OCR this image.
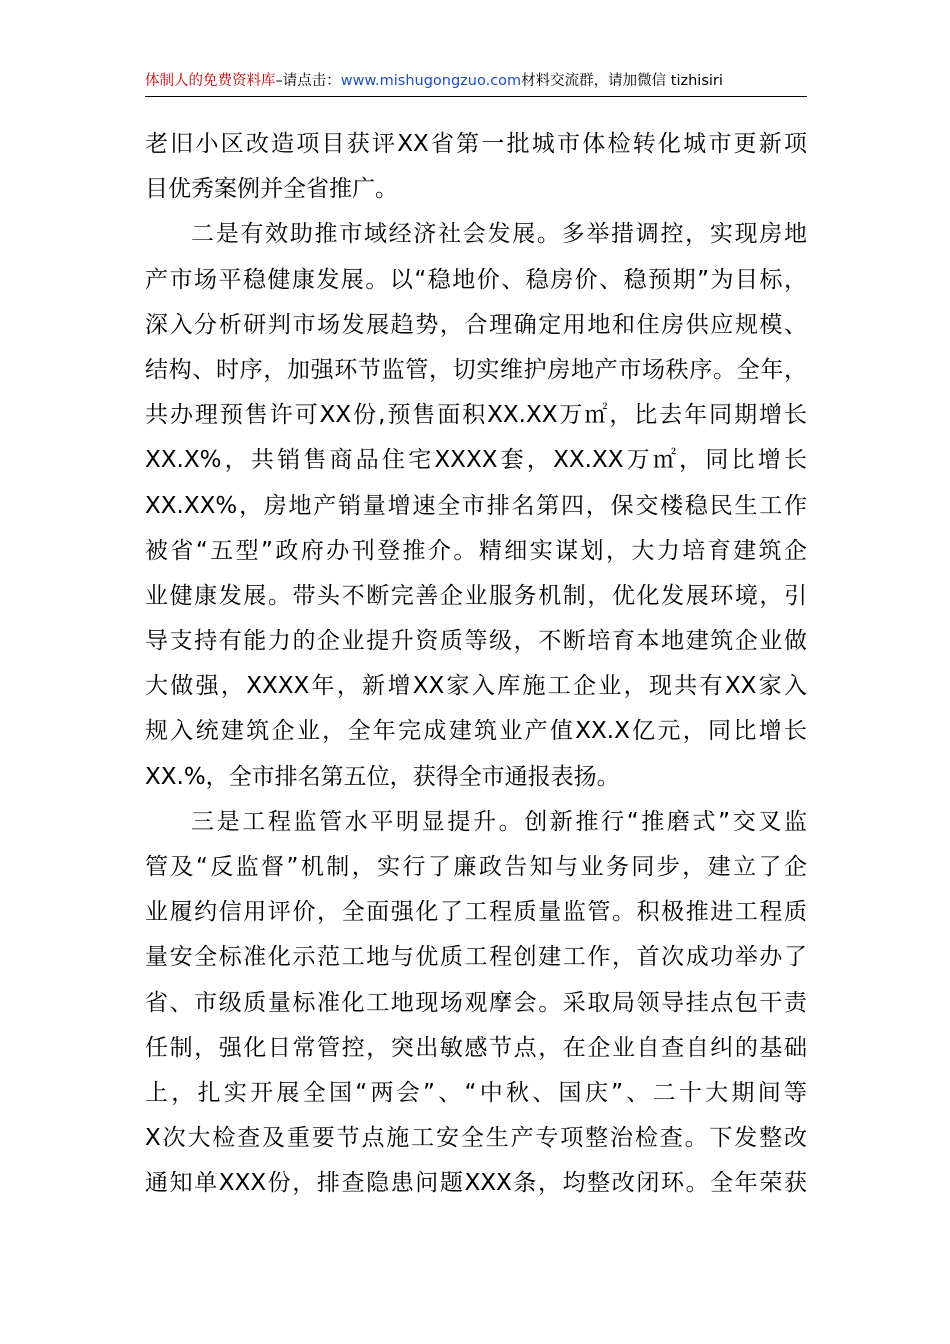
体制人的免费资料库–请点击：www.mishugongzuo.com材料交流群，请加微信 tizhisiri
老旧小区改造项目获评XX省第一批城市体检转化城市更新项
目优秀案例并全省推广。
二是有效助推市域经济社会发展。多举措调控，实现房地
产市场平稳健康发展。以“稳地价、稳房价、稳预期”为目标，
深入分析研判市场发展趋势，合理确定用地和住房供应规模、
结构、时序，加强环节监管，切实维护房地产市场秩序。全年，
共办理预售许可XX份,预售面积XX.XX万㎡，比去年同期增长
XX.X%，共销售商品住宅XXXX套，XX.XX万㎡，同比增长
XX.XX%，房地产销量增速全市排名第四，保交楼稳民生工作
被省“五型”政府办刊登推介。精细实谋划，大力培育建筑企
业健康发展。带头不断完善企业服务机制，优化发展环境，引
导支持有能力的企业提升资质等级，不断培育本地建筑企业做
大做强，XXXX年，新增XX家入库施工企业，现共有XX家入
规入统建筑企业，全年完成建筑业产值XX.X亿元，同比增长
XX.%，全市排名第五位，获得全市通报表扬。
三是工程监管水平明显提升。创新推行“推磨式”交叉监
管及“反监督”机制，实行了廉政告知与业务同步，建立了企
业履约信用评价，全面强化了工程质量监管。积极推进工程质
量安全标准化示范工地与优质工程创建工作，首次成功举办了
省、市级质量标准化工地现场观摩会。采取局领导挂点包干责
任制，强化日常管控，突出敏感节点，在企业自查自纠的基础
上，扎实开展全国“两会”、“中秋、国庆”、二十大期间等
X次大检查及重要节点施工安全生产专项整治检查。下发整改
通知单XXX份，排查隐患问题XXX条，均整改闭环。全年荣获
